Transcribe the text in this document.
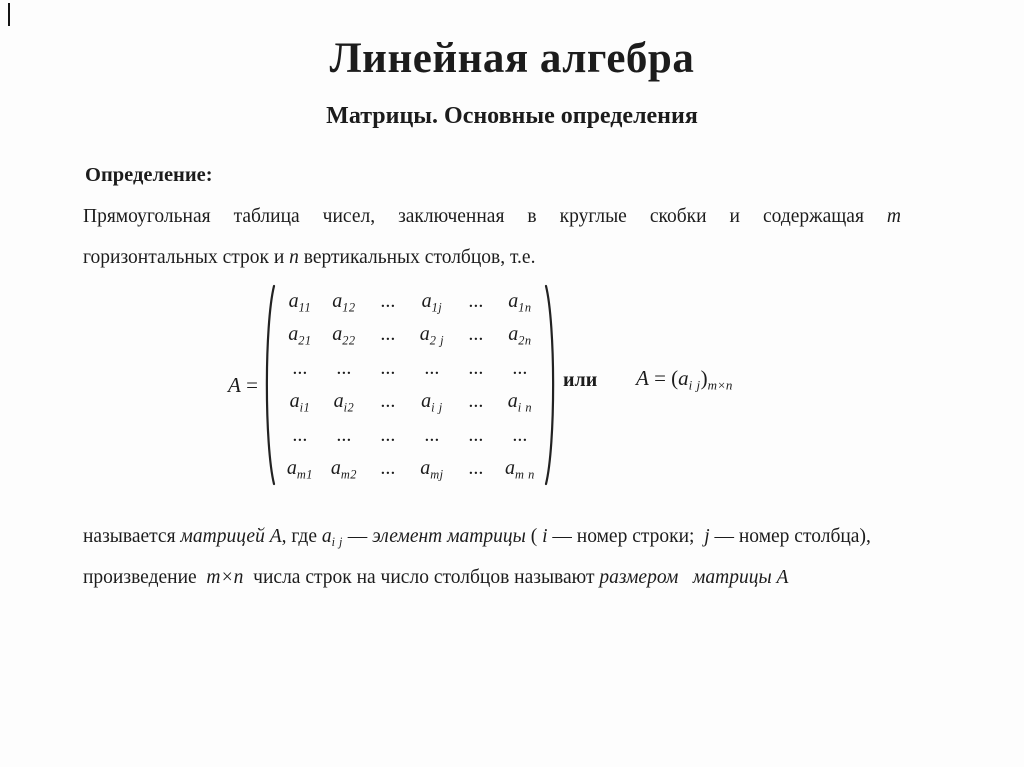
Линейная алгебра
Матрицы. Основные определения
Определение:
Прямоугольная таблица чисел, заключенная в круглые скобки и содержащая m
горизонтальных строк и n вертикальных столбцов, т.е.
A =
$a_{11}$ $a_{12}$ ... $a_{1j}$ ... $a_{1n}$
$a_{21}$ $a_{22}$ ... $a_{2 j}$ ... $a_{2n}$
... ... ... ... ... ...
$a_{i1}$ $a_{i2}$ ... $a_{i j}$ ... $a_{i n}$
... ... ... ... ... ...
$a_{m1}$ $a_{m2}$ ... $a_{mj}$ ... $a_{m n}$
или $A = (a_{i j})_{m\times n}$
называется матрицей A, где $a_{i j}$ — элемент матрицы ( i — номер строки;  j — номер столбца),
произведение  m×n  числа строк на число столбцов называют размером матрицы A
